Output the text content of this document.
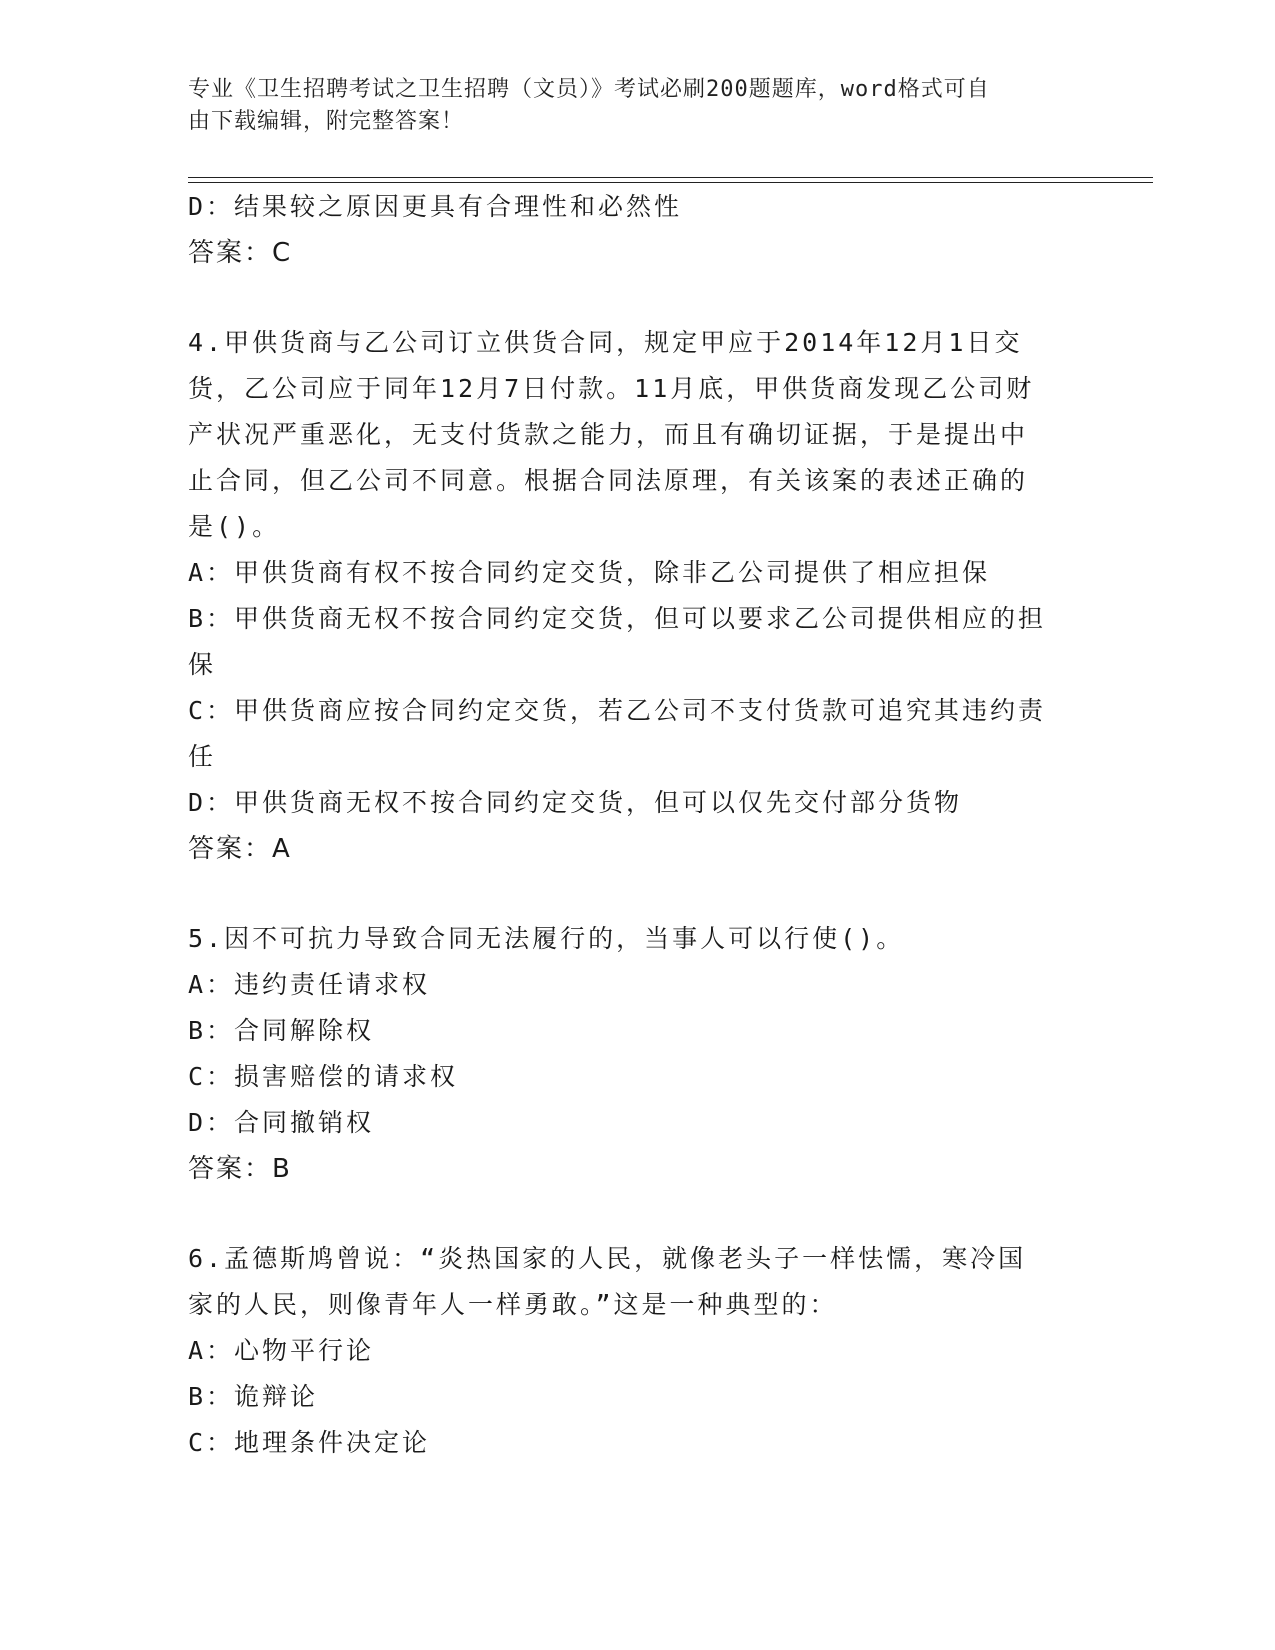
专业《卫生招聘考试之卫生招聘（文员）》考试必刷200题题库，word格式可自
由下载编辑，附完整答案！
D：结果较之原因更具有合理性和必然性
答案：C
4.甲供货商与乙公司订立供货合同，规定甲应于2014年12月1日交
货，乙公司应于同年12月7日付款。11月底，甲供货商发现乙公司财
产状况严重恶化，无支付货款之能力，而且有确切证据，于是提出中
止合同，但乙公司不同意。根据合同法原理，有关该案的表述正确的
是()。
A：甲供货商有权不按合同约定交货，除非乙公司提供了相应担保
B：甲供货商无权不按合同约定交货，但可以要求乙公司提供相应的担
保
C：甲供货商应按合同约定交货，若乙公司不支付货款可追究其违约责
任
D：甲供货商无权不按合同约定交货，但可以仅先交付部分货物
答案：A
5.因不可抗力导致合同无法履行的，当事人可以行使()。
A：违约责任请求权
B：合同解除权
C：损害赔偿的请求权
D：合同撤销权
答案：B
6.孟德斯鸠曾说：“炎热国家的人民，就像老头子一样怯懦，寒冷国
家的人民，则像青年人一样勇敢。”这是一种典型的：
A：心物平行论
B：诡辩论
C：地理条件决定论
